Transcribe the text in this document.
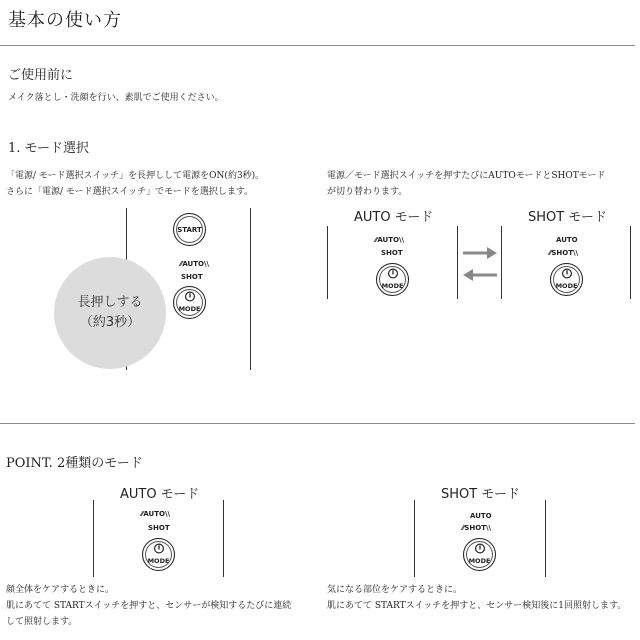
基本の使い方
ご使用前に
メイク落とし・洗顔を行い、素肌でご使用ください。
1. モード選択
「電源/ モード選択スイッチ」を長押しして電源をON(約3秒)。
さらに「電源/ モード選択スイッチ」でモードを選択します。
START
⁄⁄AUTO\\
SHOT
MODE
長押しする
（約3秒）
電源／モード選択スイッチを押すたびにAUTOモードとSHOTモード
が切り替わります。
AUTO モード	SHOT モード
⁄⁄AUTO\\
SHOT
MODE
AUTO
⁄⁄SHOT\\
MODE
POINT. 2種類のモード
AUTO モード	SHOT モード
⁄⁄AUTO\\
SHOT
MODE
AUTO
⁄⁄SHOT\\
MODE
顔全体をケアするときに。
肌にあてて STARTスイッチを押すと、センサーが検知するたびに連続
して照射します。
気になる部位をケアするときに。
肌にあてて STARTスイッチを押すと、センサー検知後に1回照射します。
